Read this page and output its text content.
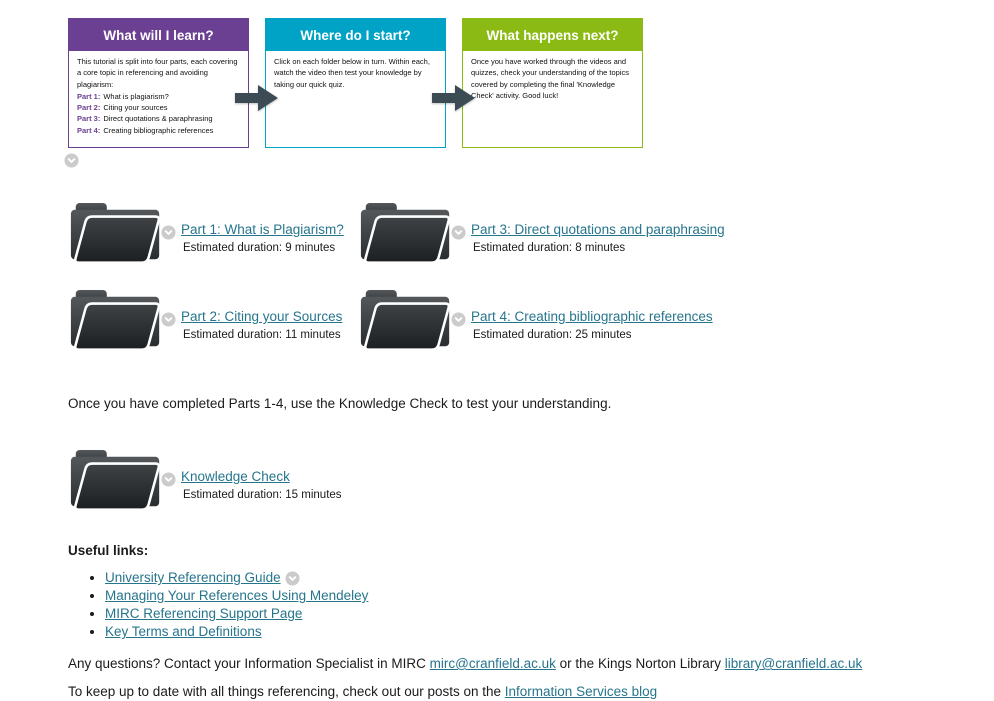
What will I learn?
This tutorial is split into four parts, each covering a core topic in referencing and avoiding plagiarism:
Part 1: What is plagiarism?
Part 2: Citing your sources
Part 3: Direct quotations & paraphrasing
Part 4: Creating bibliographic references
Where do I start?
Click on each folder below in turn. Within each, watch the video then test your knowledge by taking our quick quiz.
What happens next?
Once you have worked through the videos and quizzes, check your understanding of the topics covered by completing the final 'Knowledge Check' activity. Good luck!
Part 1: What is Plagiarism?
Estimated duration: 9 minutes
Part 3: Direct quotations and paraphrasing
Estimated duration: 8 minutes
Part 2: Citing your Sources
Estimated duration: 11 minutes
Part 4: Creating bibliographic references
Estimated duration: 25 minutes

Once you have completed Parts 1-4, use the Knowledge Check to test your understanding.

Knowledge Check
Estimated duration: 15 minutes

Useful links:

• University Referencing Guide
• Managing Your References Using Mendeley
• MIRC Referencing Support Page
• Key Terms and Definitions

Any questions? Contact your Information Specialist in MIRC mirc@cranfield.ac.uk or the Kings Norton Library library@cranfield.ac.uk

To keep up to date with all things referencing, check out our posts on the Information Services blog
